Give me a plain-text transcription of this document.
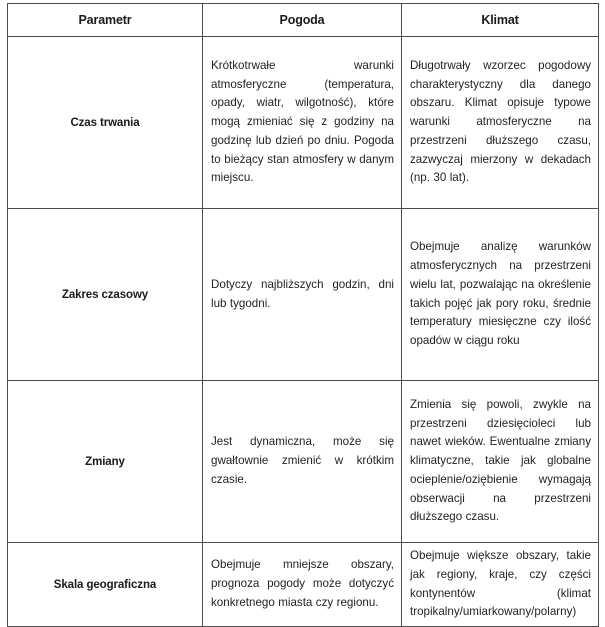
Parametr	Pogoda	Klimat
Czas trwania	Krótkotrwałe warunki atmosferyczne (temperatura, opady, wiatr, wilgotność), które mogą zmieniać się z godziny na godzinę lub dzień po dniu. Pogoda to bieżący stan atmosfery w danym miejscu.	Długotrwały wzorzec pogodowy charakterystyczny dla danego obszaru. Klimat opisuje typowe warunki atmosferyczne na przestrzeni dłuższego czasu, zazwyczaj mierzony w dekadach (np. 30 lat).
Zakres czasowy	Dotyczy najbliższych godzin, dni lub tygodni.	Obejmuje analizę warunków atmosferycznych na przestrzeni wielu lat, pozwalając na określenie takich pojęć jak pory roku, średnie temperatury miesięczne czy ilość opadów w ciągu roku
Zmiany	Jest dynamiczna, może się gwałtownie zmienić w krótkim czasie.	Zmienia się powoli, zwykle na przestrzeni dziesięcioleci lub nawet wieków. Ewentualne zmiany klimatyczne, takie jak globalne ocieplenie/oziębienie wymagają obserwacji na przestrzeni dłuższego czasu.
Skala geograficzna	Obejmuje mniejsze obszary, prognoza pogody może dotyczyć konkretnego miasta czy regionu.	Obejmuje większe obszary, takie jak regiony, kraje, czy części kontynentów (klimat tropikalny/umiarkowany/polarny)
